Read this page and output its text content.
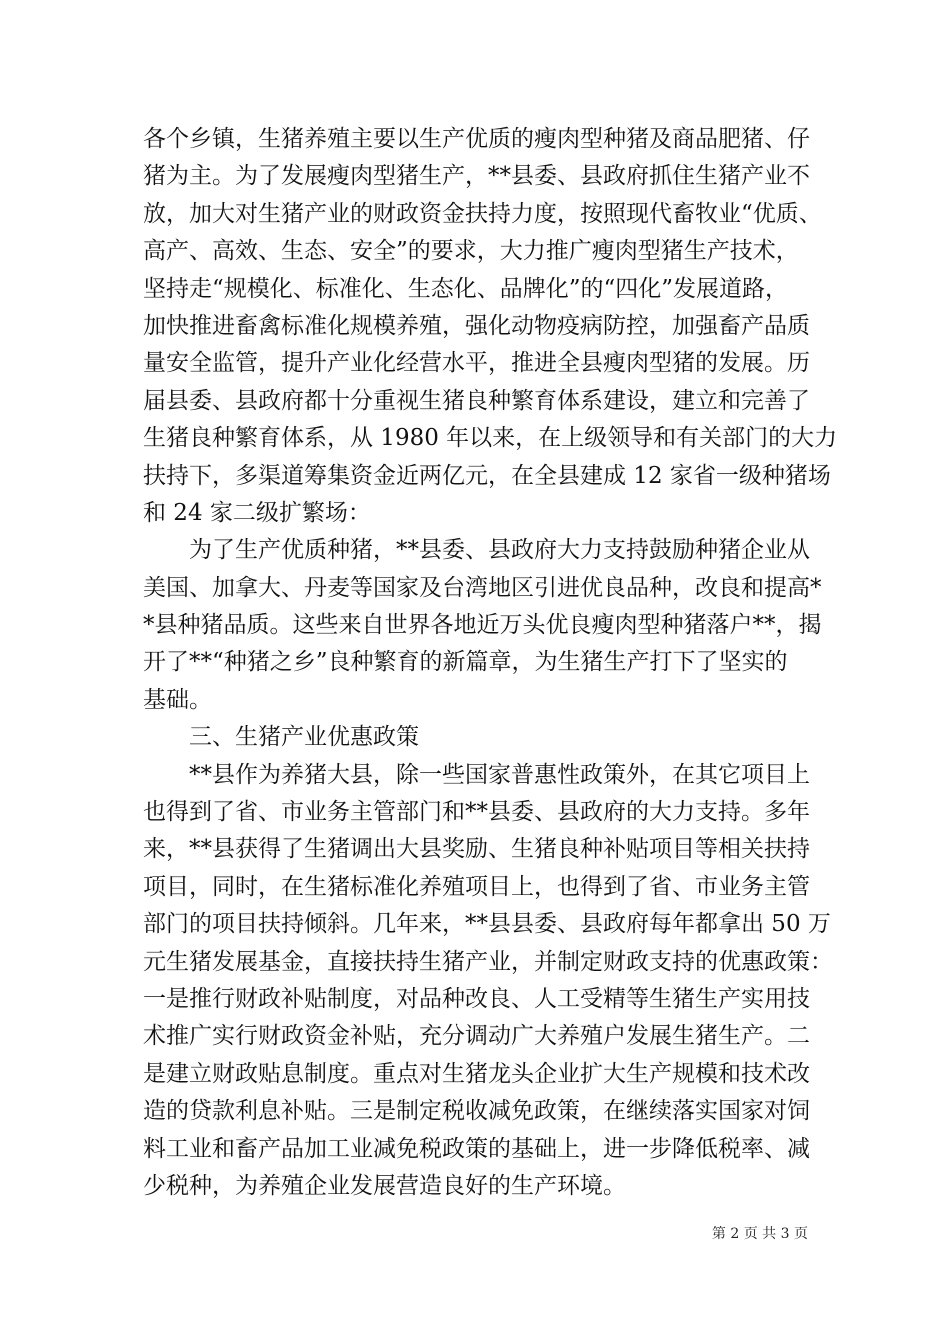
各个乡镇，生猪养殖主要以生产优质的瘦肉型种猪及商品肥猪、仔
猪为主。为了发展瘦肉型猪生产，**县委、县政府抓住生猪产业不
放，加大对生猪产业的财政资金扶持力度，按照现代畜牧业“优质、
高产、高效、生态、安全”的要求，大力推广瘦肉型猪生产技术，
坚持走“规模化、标准化、生态化、品牌化”的“四化”发展道路，
加快推进畜禽标准化规模养殖，强化动物疫病防控，加强畜产品质
量安全监管，提升产业化经营水平，推进全县瘦肉型猪的发展。历
届县委、县政府都十分重视生猪良种繁育体系建设，建立和完善了
生猪良种繁育体系，从 1980 年以来，在上级领导和有关部门的大力
扶持下，多渠道筹集资金近两亿元，在全县建成 12 家省一级种猪场
和 24 家二级扩繁场：
为了生产优质种猪，**县委、县政府大力支持鼓励种猪企业从
美国、加拿大、丹麦等国家及台湾地区引进优良品种，改良和提高*
*县种猪品质。这些来自世界各地近万头优良瘦肉型种猪落户**，揭
开了**“种猪之乡”良种繁育的新篇章，为生猪生产打下了坚实的
基础。
三、生猪产业优惠政策
**县作为养猪大县，除一些国家普惠性政策外，在其它项目上
也得到了省、市业务主管部门和**县委、县政府的大力支持。多年
来，**县获得了生猪调出大县奖励、生猪良种补贴项目等相关扶持
项目，同时，在生猪标准化养殖项目上，也得到了省、市业务主管
部门的项目扶持倾斜。几年来，**县县委、县政府每年都拿出 50 万
元生猪发展基金，直接扶持生猪产业，并制定财政支持的优惠政策：
一是推行财政补贴制度，对品种改良、人工受精等生猪生产实用技
术推广实行财政资金补贴，充分调动广大养殖户发展生猪生产。二
是建立财政贴息制度。重点对生猪龙头企业扩大生产规模和技术改
造的贷款利息补贴。三是制定税收减免政策，在继续落实国家对饲
料工业和畜产品加工业减免税政策的基础上，进一步降低税率、减
少税种，为养殖企业发展营造良好的生产环境。
第 2 页 共 3 页
